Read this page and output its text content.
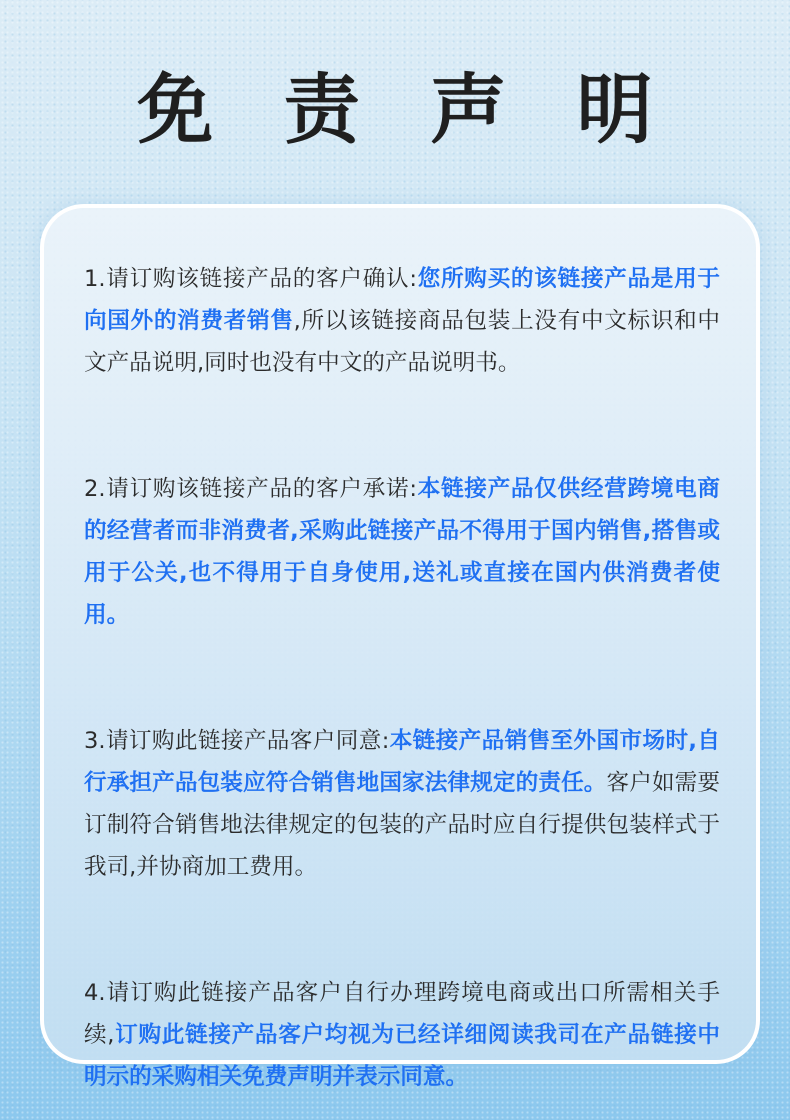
免 责 声 明

1.请订购该链接产品的客户确认:您所购买的该链接产品是用于向国外的消费者销售,所以该链接商品包装上没有中文标识和中文产品说明,同时也没有中文的产品说明书。

2.请订购该链接产品的客户承诺:本链接产品仅供经营跨境电商的经营者而非消费者,采购此链接产品不得用于国内销售,搭售或用于公关,也不得用于自身使用,送礼或直接在国内供消费者使用。

3.请订购此链接产品客户同意:本链接产品销售至外国市场时,自行承担产品包装应符合销售地国家法律规定的责任。客户如需要订制符合销售地法律规定的包装的产品时应自行提供包装样式于我司,并协商加工费用。

4.请订购此链接产品客户自行办理跨境电商或出口所需相关手续,订购此链接产品客户均视为已经详细阅读我司在产品链接中明示的采购相关免费声明并表示同意。
